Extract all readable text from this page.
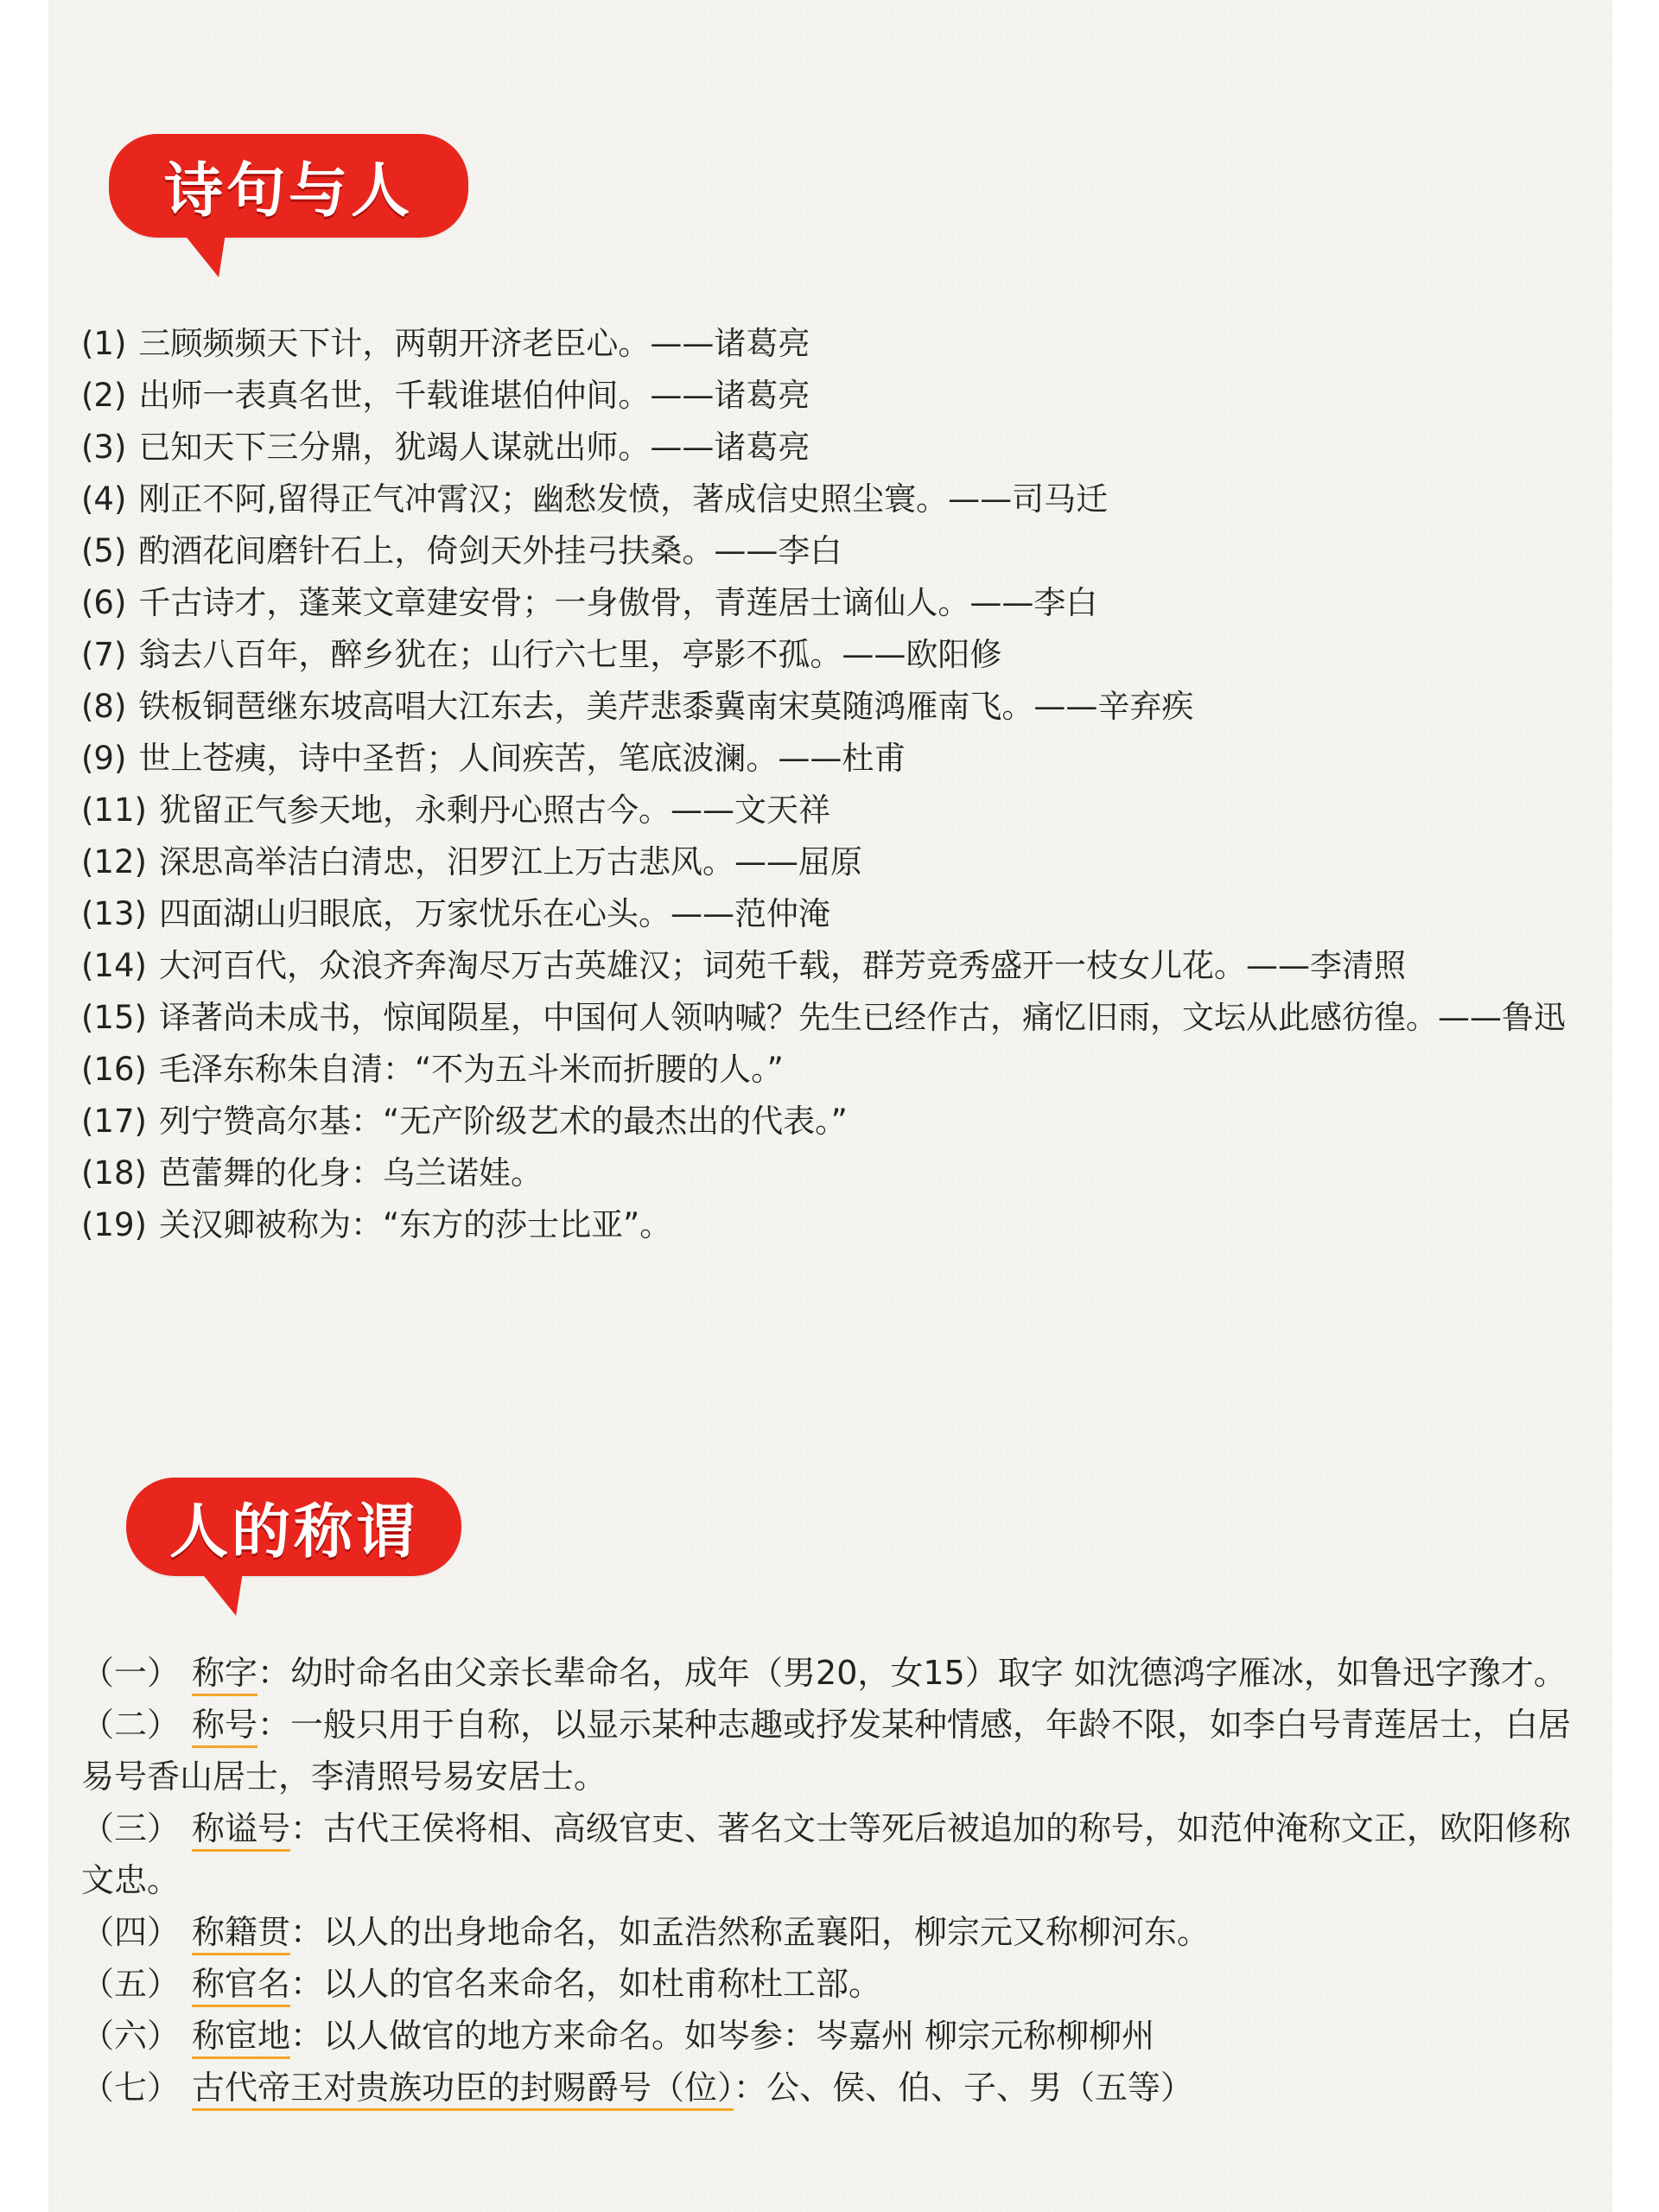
诗句与人
(1) 三顾频频天下计，两朝开济老臣心。——诸葛亮
(2) 出师一表真名世，千载谁堪伯仲间。——诸葛亮
(3) 已知天下三分鼎，犹竭人谋就出师。——诸葛亮
(4) 刚正不阿,留得正气冲霄汉；幽愁发愤，著成信史照尘寰。——司马迁
(5) 酌酒花间磨针石上，倚剑天外挂弓扶桑。——李白
(6) 千古诗才，蓬莱文章建安骨；一身傲骨，青莲居士谪仙人。——李白
(7) 翁去八百年，醉乡犹在；山行六七里，亭影不孤。——欧阳修
(8) 铁板铜琶继东坡高唱大江东去，美芹悲黍冀南宋莫随鸿雁南飞。——辛弃疾
(9) 世上苍痍，诗中圣哲；人间疾苦，笔底波澜。——杜甫
(11) 犹留正气参天地，永剩丹心照古今。——文天祥
(12) 深思高举洁白清忠，汨罗江上万古悲风。——屈原
(13) 四面湖山归眼底，万家忧乐在心头。——范仲淹
(14) 大河百代，众浪齐奔淘尽万古英雄汉；词苑千载，群芳竞秀盛开一枝女儿花。——李清照
(15) 译著尚未成书，惊闻陨星，中国何人领呐喊？先生已经作古，痛忆旧雨，文坛从此感彷徨。——鲁迅
(16) 毛泽东称朱自清：“不为五斗米而折腰的人。”
(17) 列宁赞高尔基：“无产阶级艺术的最杰出的代表。”
(18) 芭蕾舞的化身：乌兰诺娃。
(19) 关汉卿被称为：“东方的莎士比亚”。
人的称谓
（一） 称字：幼时命名由父亲长辈命名，成年（男20，女15）取字 如沈德鸿字雁冰，如鲁迅字豫才。
（二） 称号：一般只用于自称，以显示某种志趣或抒发某种情感，年龄不限，如李白号青莲居士，白居易号香山居士，李清照号易安居士。
（三） 称谥号：古代王侯将相、高级官吏、著名文士等死后被追加的称号，如范仲淹称文正，欧阳修称文忠。
（四） 称籍贯：以人的出身地命名，如孟浩然称孟襄阳，柳宗元又称柳河东。
（五） 称官名：以人的官名来命名，如杜甫称杜工部。
（六） 称宦地：以人做官的地方来命名。如岑参：岑嘉州 柳宗元称柳柳州
（七） 古代帝王对贵族功臣的封赐爵号（位）：公、侯、伯、子、男（五等）
